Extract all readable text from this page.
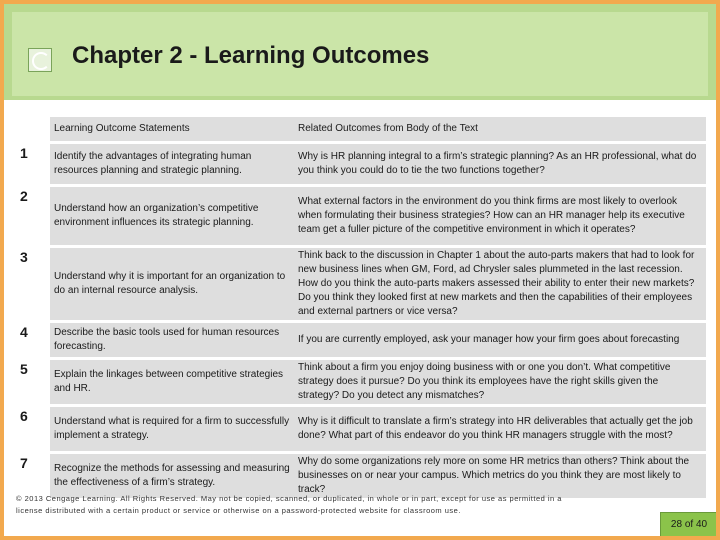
Chapter 2 - Learning Outcomes
	Learning Outcome Statements	Related Outcomes from Body of the Text
1	Identify the advantages of integrating human resources planning and strategic planning.	Why is HR planning integral to a firm’s strategic planning? As an HR professional, what do you think you could do to tie the two functions together?
2	Understand how an organization’s competitive environment influences its strategic planning.	What external factors in the environment do you think firms are most likely to overlook when formulating their business strategies? How can an HR manager help its executive team get a fuller picture of the competitive environment in which it operates?
3	Understand why it is important for an organization to do an internal resource analysis.	Think back to the discussion in Chapter 1 about the auto-parts makers that had to look for new business lines when GM, Ford, ad Chrysler sales plummeted in the last recession. How do you think the auto-parts makers assessed their ability to enter their new markets? Do you think they looked first at new markets and then the capabilities of their employees and external partners or vice versa?
4	Describe the basic tools used for human resources forecasting.	If you are currently employed, ask your manager how your firm goes about forecasting
5	Explain the linkages between competitive strategies and HR.	Think about a firm you enjoy doing business with or one you don’t. What competitive strategy does it pursue? Do you think its employees have the right skills given the strategy? Do you detect any mismatches?
6	Understand what is required for a firm to successfully implement a strategy.	Why is it difficult to translate a firm’s strategy into HR deliverables that actually get the job done? What part of this endeavor do you think HR managers struggle with the most?
7	Recognize the methods for assessing and measuring the effectiveness of a firm’s strategy.	Why do some organizations rely more on some HR metrics than others? Think about the businesses on or near your campus. Which metrics do you think they are most likely to track?
© 2013 Cengage Learning. All Rights Reserved. May not be copied, scanned, or duplicated, in whole or in part, except for use as permitted in a license distributed with a certain product or service or otherwise on a password-protected website for classroom use.
28 of 40
